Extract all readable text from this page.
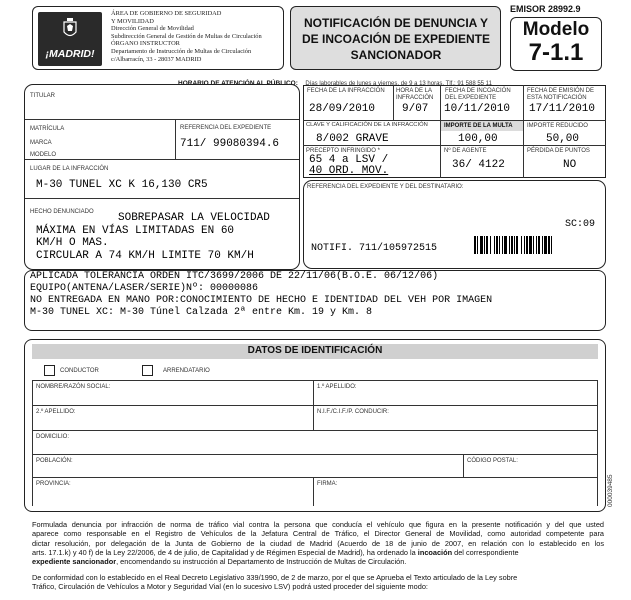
¡MADRID!
ÁREA DE GOBIERNO DE SEGURIDAD
Y MOVILIDAD
Dirección General de Movilidad
Subdirección General de Gestión de Multas de Circulación
ÓRGANO INSTRUCTOR
Departamento de Instrucción de Multas de Circulación
c/Albarracín, 33 - 28037 MADRID
NOTIFICACIÓN DE DENUNCIA Y DE INCOACIÓN DE EXPEDIENTE SANCIONADOR
EMISOR 28992.9
Modelo
7-1.1
HORARIO DE ATENCIÓN AL PÚBLICO: Días laborables de lunes a viernes, de 9 a 13 horas. Tlf.: 91 588 55 11
TITULAR
MATRÍCULA	REFERENCIA DEL EXPEDIENTE
711/ 99080394.6
MARCA
MODELO
LUGAR DE LA INFRACCIÓN
M-30 TUNEL XC K 16,130 CR5
HECHO DENUNCIADO SOBREPASAR LA VELOCIDAD
MÁXIMA EN VÍAS LIMITADAS EN 60
KM/H O MAS.
CIRCULAR A 74 KM/H LIMITE 70 KM/H
FECHA DE LA INFRACCIÓN
28/09/2010
HORA DE LA INFRACCIÓN
9/07
FECHA DE INCOACIÓN DEL EXPEDIENTE
10/11/2010
FECHA DE EMISIÓN DE ESTA NOTIFICACIÓN
17/11/2010
CLAVE Y CALIFICACIÓN DE LA INFRACCIÓN
8/002 GRAVE
IMPORTE DE LA MULTA
100,00
IMPORTE REDUCIDO
50,00
PRECEPTO INFRINGIDO *
65 4 a LSV /
40 ORD. MOV.
Nº DE AGENTE
36/ 4122
PÉRDIDA DE PUNTOS
NO
REFERENCIA DEL EXPEDIENTE Y DEL DESTINATARIO:
SC:09
NOTIFI. 711/105972515
APLICADA TOLERANCIA ORDEN ITC/3699/2006 DE 22/11/06(B.O.E. 06/12/06)
EQUIPO(ANTENA/LASER/SERIE)Nº: 00000086
NO ENTREGADA EN MANO POR:CONOCIMIENTO DE HECHO E IDENTIDAD DEL VEH POR IMAGEN
M-30 TUNEL XC: M-30 Túnel Calzada 2ª entre Km. 19 y Km. 8
DATOS DE IDENTIFICACIÓN
CONDUCTOR	ARRENDATARIO
NOMBRE/RAZÓN SOCIAL:	1.º APELLIDO:
2.º APELLIDO:	N.I.F./C.I.F./P. CONDUCIR:
DOMICILIO:
POBLACIÓN:	CÓDIGO POSTAL:
PROVINCIA:	FIRMA:	000039485
Formulada denuncia por infracción de norma de tráfico vial contra la persona que conducía el vehículo que figura en la presente notificación y del que usted
aparece como responsable en el Registro de Vehículos de la Jefatura Central de Tráfico, el Director General de Movilidad, como autoridad competente para
dictar resolución, por delegación de la Junta de Gobierno de la ciudad de Madrid (Acuerdo de 18 de junio de 2007, en relación con lo establecido en los
arts. 17.1.k) y 40 f) de la Ley 22/2006, de 4 de julio, de Capitalidad y de Régimen Especial de Madrid), ha ordenado la incoación del correspondiente
expediente sancionador, encomendando su instrucción al Departamento de Instrucción de Multas de Circulación.
De conformidad con lo establecido en el Real Decreto Legislativo 339/1990, de 2 de marzo, por el que se Aprueba el Texto articulado de la Ley sobre
Tráfico, Circulación de Vehículos a Motor y Seguridad Vial (en lo sucesivo LSV) podrá usted proceder del siguiente modo:
